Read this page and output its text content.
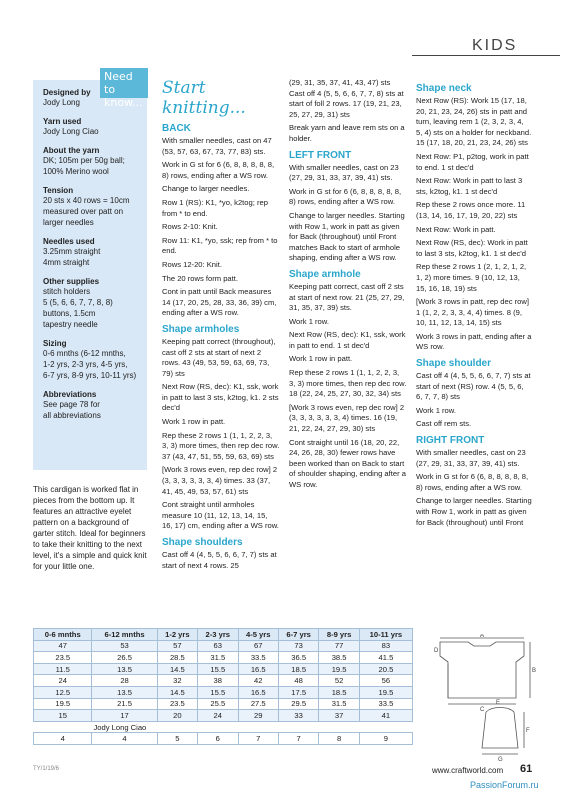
KIDS
Designed by
Jody Long
Yarn used
Jody Long Ciao
About the yarn
DK; 105m per 50g ball;
100% Merino wool
Tension
20 sts x 40 rows = 10cm
measured over patt on
larger needles
Needles used
3.25mm straight
4mm straight
Other supplies
stitch holders
5 (5, 6, 6, 7, 7, 8, 8)
buttons, 1.5cm
tapestry needle
Sizing
0-6 mnths (6-12 mnths,
1-2 yrs, 2-3 yrs, 4-5 yrs,
6-7 yrs, 8-9 yrs, 10-11 yrs)
Abbreviations
See page 78 for
all abbreviations
Need to know...
This cardigan is worked flat in pieces from the bottom up. It features an attractive eyelet pattern on a background of garter stitch. Ideal for beginners to take their knitting to the next level, it's a simple and quick knit for your little one.
Start knitting...
BACK

With smaller needles, cast on 47 (53, 57, 63, 67, 73, 77, 83) sts.

Work in G st for 6 (6, 8, 8, 8, 8, 8, 8) rows, ending after a WS row.

Change to larger needles.

Row 1 (RS): K1, *yo, k2tog; rep from * to end.

Rows 2-10: Knit.

Row 11: K1, *yo, ssk; rep from * to end.

Rows 12-20: Knit.

The 20 rows form patt.

Cont in patt until Back measures 14 (17, 20, 25, 28, 33, 36, 39) cm, ending after a WS row.

Shape armholes

Keeping patt correct (throughout), cast off 2 sts at start of next 2 rows. 43 (49, 53, 59, 63, 69, 73, 79) sts

Next Row (RS, dec): K1, ssk, work in patt to last 3 sts, k2tog, k1. 2 sts dec'd

Work 1 row in patt.

Rep these 2 rows 1 (1, 1, 2, 2, 3, 3, 3) more times, then rep dec row. 37 (43, 47, 51, 55, 59, 63, 69) sts

[Work 3 rows even, rep dec row] 2 (3, 3, 3, 3, 3, 3, 4) times. 33 (37, 41, 45, 49, 53, 57, 61) sts

Cont straight until armholes measure 10 (11, 12, 13, 14, 15, 16, 17) cm, ending after a WS row.

Shape shoulders

Cast off 4 (4, 5, 5, 6, 6, 7, 7) sts at start of next 4 rows. 25

(29, 31, 35, 37, 41, 43, 47) sts Cast off 4 (5, 5, 6, 6, 7, 7, 8) sts at start of foll 2 rows. 17 (19, 21, 23, 25, 27, 29, 31) sts

Break yarn and leave rem sts on a holder.

LEFT FRONT

With smaller needles, cast on 23 (27, 29, 31, 33, 37, 39, 41) sts.

Work in G st for 6 (6, 8, 8, 8, 8, 8, 8) rows, ending after a WS row.

Change to larger needles. Starting with Row 1, work in patt as given for Back (throughout) until Front matches Back to start of armhole shaping, ending after a WS row.

Shape armhole

Keeping patt correct, cast off 2 sts at start of next row. 21 (25, 27, 29, 31, 35, 37, 39) sts.

Work 1 row.

Next Row (RS, dec): K1, ssk, work in patt to end. 1 st dec'd

Work 1 row in patt.

Rep these 2 rows 1 (1, 1, 2, 2, 3, 3, 3) more times, then rep dec row. 18 (22, 24, 25, 27, 30, 32, 34) sts

[Work 3 rows even, rep dec row] 2 (3, 3, 3, 3, 3, 3, 4) times. 16 (19, 21, 22, 24, 27, 29, 30) sts

Cont straight until 16 (18, 20, 22, 24, 26, 28, 30) fewer rows have been worked than on Back to start of shoulder shaping, ending after a WS row.

Shape neck

Next Row (RS): Work 15 (17, 18, 20, 21, 23, 24, 26) sts in patt and turn, leaving rem 1 (2, 3, 2, 3, 4, 5, 4) sts on a holder for neckband. 15 (17, 18, 20, 21, 23, 24, 26) sts

Next Row: P1, p2tog, work in patt to end. 1 st dec'd

Next Row: Work in patt to last 3 sts, k2tog, k1. 1 st dec'd

Rep these 2 rows once more. 11 (13, 14, 16, 17, 19, 20, 22) sts

Next Row: Work in patt.

Next Row (RS, dec): Work in patt to last 3 sts, k2tog, k1. 1 st dec'd

Rep these 2 rows 1 (2, 1, 2, 1, 2, 1, 2) more times. 9 (10, 12, 13, 15, 16, 18, 19) sts

[Work 3 rows in patt, rep dec row] 1 (1, 2, 2, 3, 3, 4, 4) times. 8 (9, 10, 11, 12, 13, 14, 15) sts

Work 3 rows in patt, ending after a WS row.

Shape shoulder

Cast off 4 (4, 5, 5, 6, 6, 7, 7) sts at start of next (RS) row. 4 (5, 5, 6, 6, 7, 7, 8) sts

Work 1 row.

Cast off rem sts.

RIGHT FRONT

With smaller needles, cast on 23 (27, 29, 31, 33, 37, 39, 41) sts.

Work in G st for 6 (6, 8, 8, 8, 8, 8, 8) rows, ending after a WS row.

Change to larger needles. Starting with Row 1, work in patt as given for Back (throughout) until Front

0-6 mnths	6-12 mnths	1-2 yrs	2-3 yrs	4-5 yrs	6-7 yrs	8-9 yrs	10-11 yrs
47	53	57	63	67	73	77	83
23.5	26.5	28.5	31.5	33.5	36.5	38.5	41.5
11.5	13.5	14.5	15.5	16.5	18.5	19.5	20.5
24	28	32	38	42	48	52	56
12.5	13.5	14.5	15.5	16.5	17.5	18.5	19.5
19.5	21.5	23.5	25.5	27.5	29.5	31.5	33.5
15	17	20	24	29	33	37	41
Jody Long Ciao							
4	4	5	6	7	7	8	9
A
B
C
D
E
F
G
TY/1/19/6	www.craftworld.com 61
PassionForum.ru
